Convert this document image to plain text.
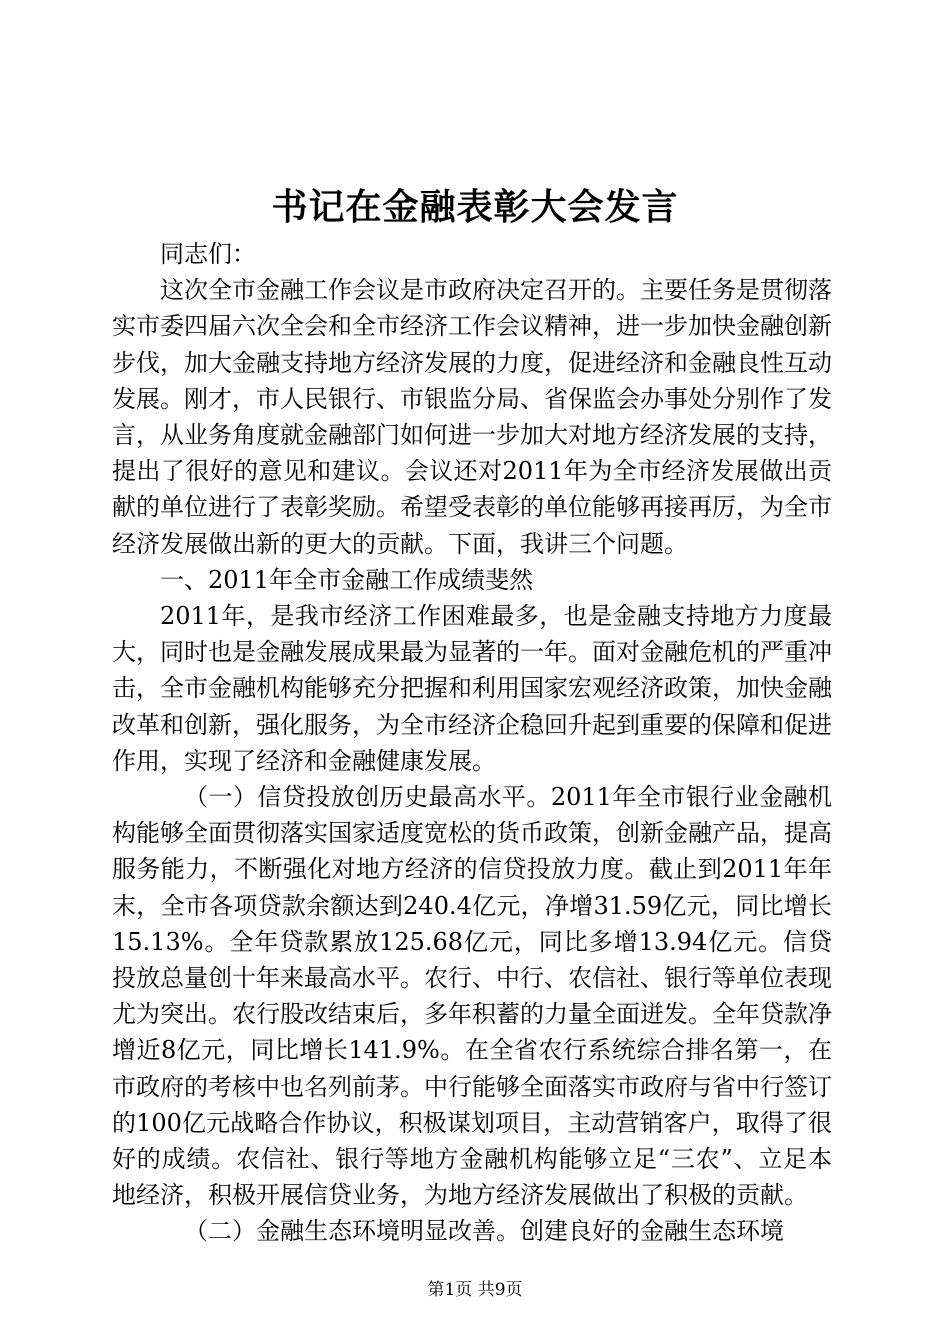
书记在金融表彰大会发言

同志们：

这次全市金融工作会议是市政府决定召开的。主要任务是贯彻落实市委四届六次全会和全市经济工作会议精神，进一步加快金融创新步伐，加大金融支持地方经济发展的力度，促进经济和金融良性互动发展。刚才，市人民银行、市银监分局、省保监会办事处分别作了发言，从业务角度就金融部门如何进一步加大对地方经济发展的支持，提出了很好的意见和建议。会议还对2011年为全市经济发展做出贡献的单位进行了表彰奖励。希望受表彰的单位能够再接再厉，为全市经济发展做出新的更大的贡献。下面，我讲三个问题。

一、2011年全市金融工作成绩斐然

2011年，是我市经济工作困难最多，也是金融支持地方力度最大，同时也是金融发展成果最为显著的一年。面对金融危机的严重冲击，全市金融机构能够充分把握和利用国家宏观经济政策，加快金融改革和创新，强化服务，为全市经济企稳回升起到重要的保障和促进作用，实现了经济和金融健康发展。

（一）信贷投放创历史最高水平。2011年全市银行业金融机构能够全面贯彻落实国家适度宽松的货币政策，创新金融产品，提高服务能力，不断强化对地方经济的信贷投放力度。截止到2011年年末，全市各项贷款余额达到240.4亿元，净增31.59亿元，同比增长15.13%。全年贷款累放125.68亿元，同比多增13.94亿元。信贷投放总量创十年来最高水平。农行、中行、农信社、银行等单位表现尤为突出。农行股改结束后，多年积蓄的力量全面迸发。全年贷款净增近8亿元，同比增长141.9%。在全省农行系统综合排名第一，在市政府的考核中也名列前茅。中行能够全面落实市政府与省中行签订的100亿元战略合作协议，积极谋划项目，主动营销客户，取得了很好的成绩。农信社、银行等地方金融机构能够立足“三农”、立足本地经济，积极开展信贷业务，为地方经济发展做出了积极的贡献。

（二）金融生态环境明显改善。创建良好的金融生态环境

第1页 共9页
